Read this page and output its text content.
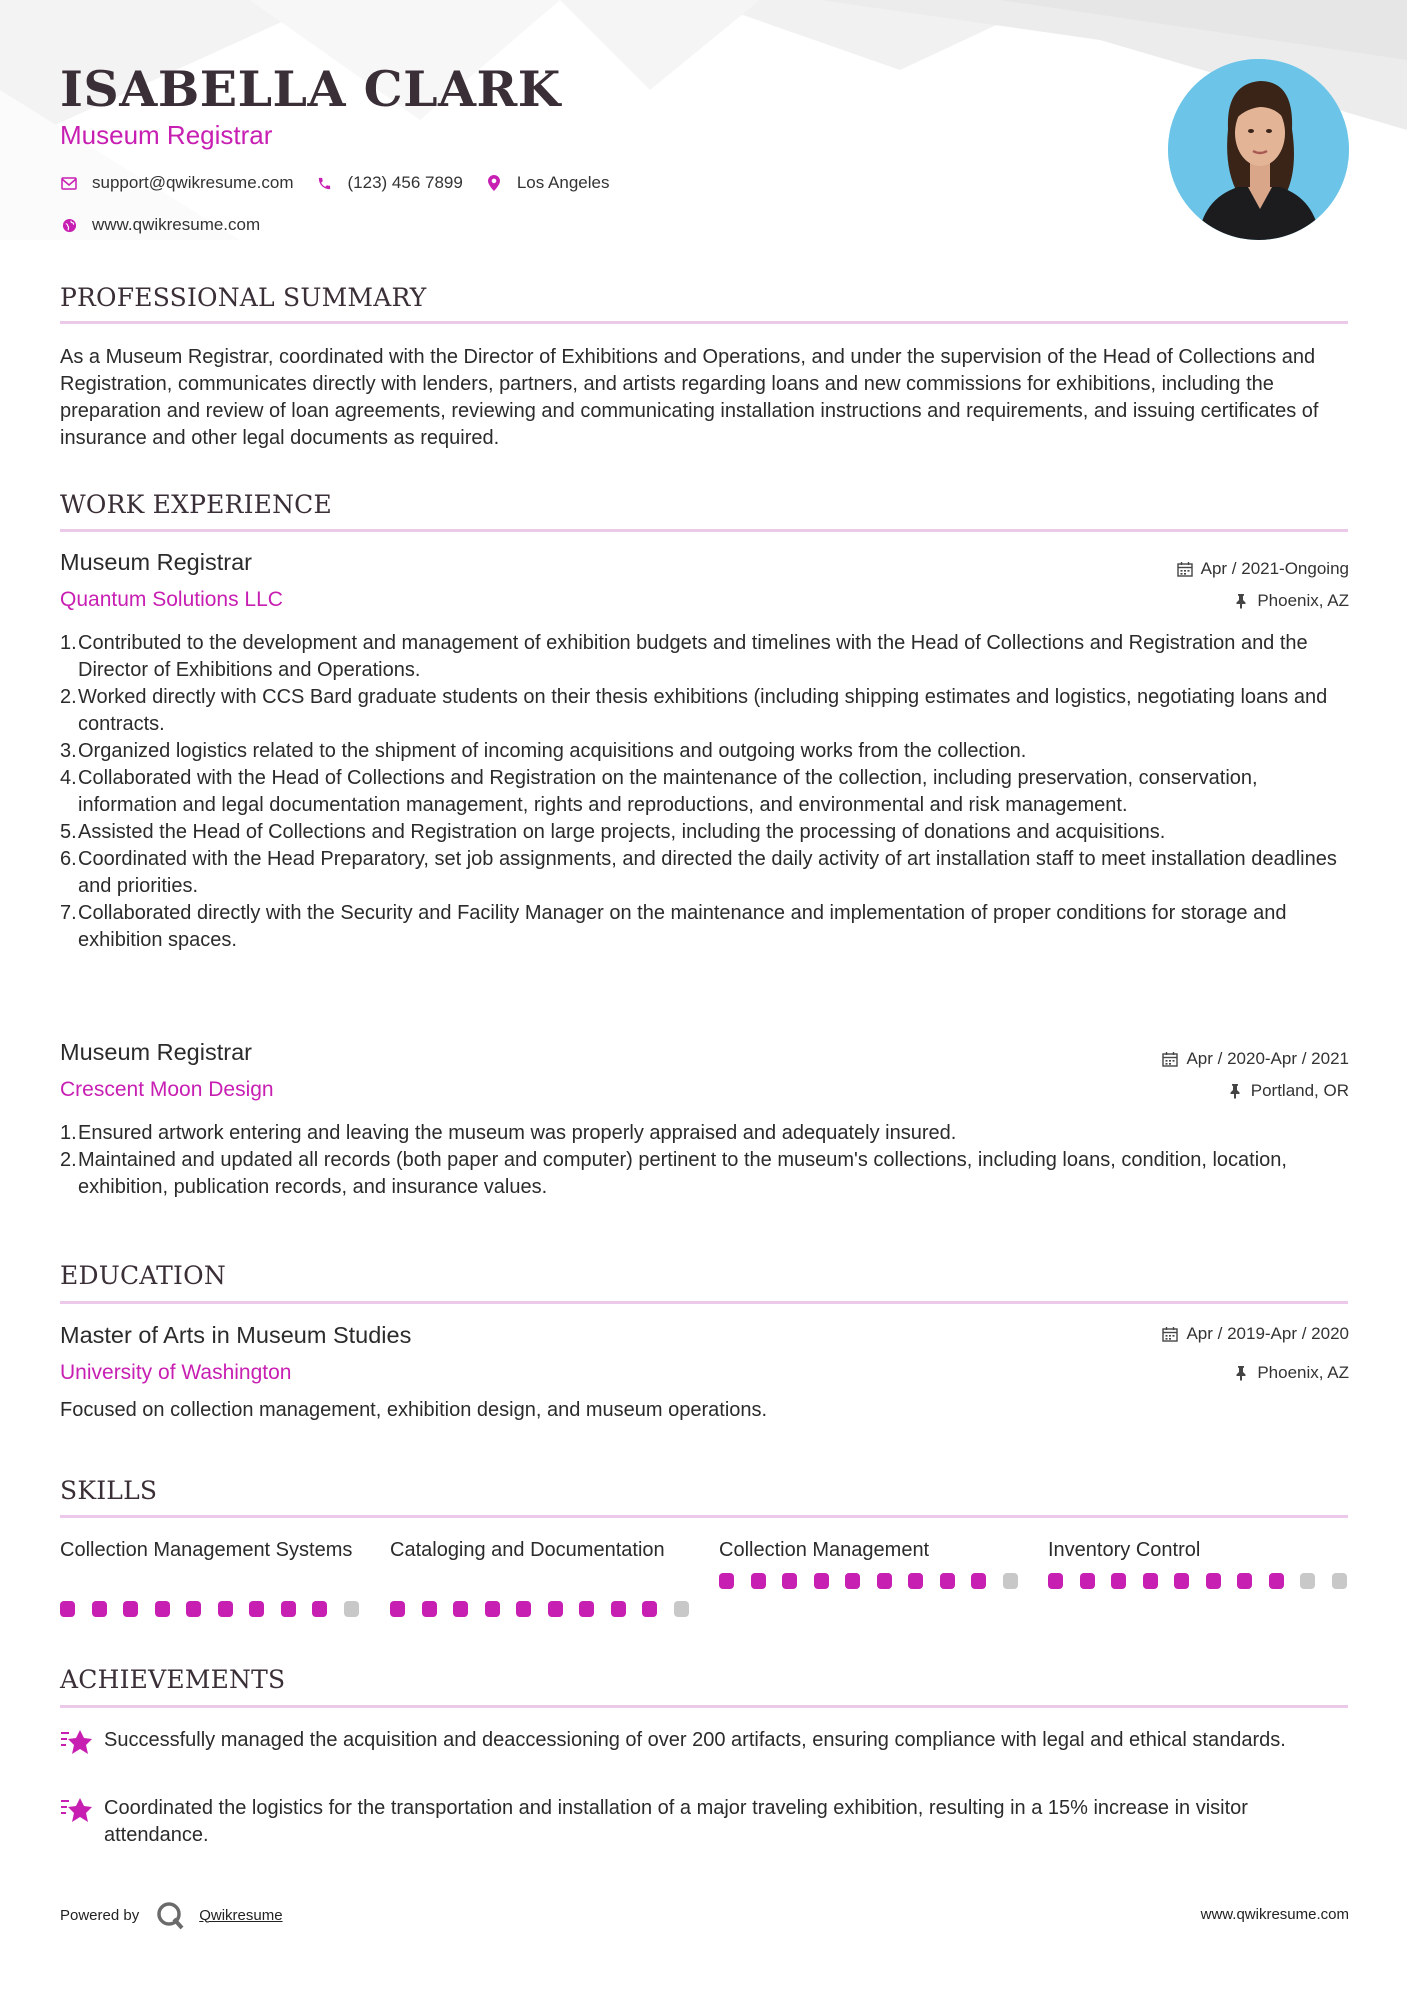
ISABELLA CLARK
Museum Registrar
support@qwikresume.com	(123) 456 7899	Los Angeles
www.qwikresume.com
PROFESSIONAL SUMMARY
As a Museum Registrar, coordinated with the Director of Exhibitions and Operations, and under the supervision of the Head of Collections and Registration, communicates directly with lenders, partners, and artists regarding loans and new commissions for exhibitions, including the preparation and review of loan agreements, reviewing and communicating installation instructions and requirements, and issuing certificates of insurance and other legal documents as required.
WORK EXPERIENCE
Museum Registrar
Quantum Solutions LLC
Apr / 2021-Ongoing
Phoenix, AZ
1. Contributed to the development and management of exhibition budgets and timelines with the Head of Collections and Registration and the Director of Exhibitions and Operations.
2. Worked directly with CCS Bard graduate students on their thesis exhibitions (including shipping estimates and logistics, negotiating loans and contracts.
3. Organized logistics related to the shipment of incoming acquisitions and outgoing works from the collection.
4. Collaborated with the Head of Collections and Registration on the maintenance of the collection, including preservation, conservation, information and legal documentation management, rights and reproductions, and environmental and risk management.
5. Assisted the Head of Collections and Registration on large projects, including the processing of donations and acquisitions.
6. Coordinated with the Head Preparatory, set job assignments, and directed the daily activity of art installation staff to meet installation deadlines and priorities.
7. Collaborated directly with the Security and Facility Manager on the maintenance and implementation of proper conditions for storage and exhibition spaces.
Museum Registrar
Crescent Moon Design
Apr / 2020-Apr / 2021
Portland, OR
1. Ensured artwork entering and leaving the museum was properly appraised and adequately insured.
2. Maintained and updated all records (both paper and computer) pertinent to the museum's collections, including loans, condition, location, exhibition, publication records, and insurance values.
EDUCATION
Master of Arts in Museum Studies
University of Washington
Apr / 2019-Apr / 2020
Phoenix, AZ
Focused on collection management, exhibition design, and museum operations.
SKILLS
Collection Management Systems	Cataloging and Documentation	Collection Management	Inventory Control
ACHIEVEMENTS
Successfully managed the acquisition and deaccessioning of over 200 artifacts, ensuring compliance with legal and ethical standards.
Coordinated the logistics for the transportation and installation of a major traveling exhibition, resulting in a 15% increase in visitor attendance.
Powered by	Qwikresume	www.qwikresume.com
